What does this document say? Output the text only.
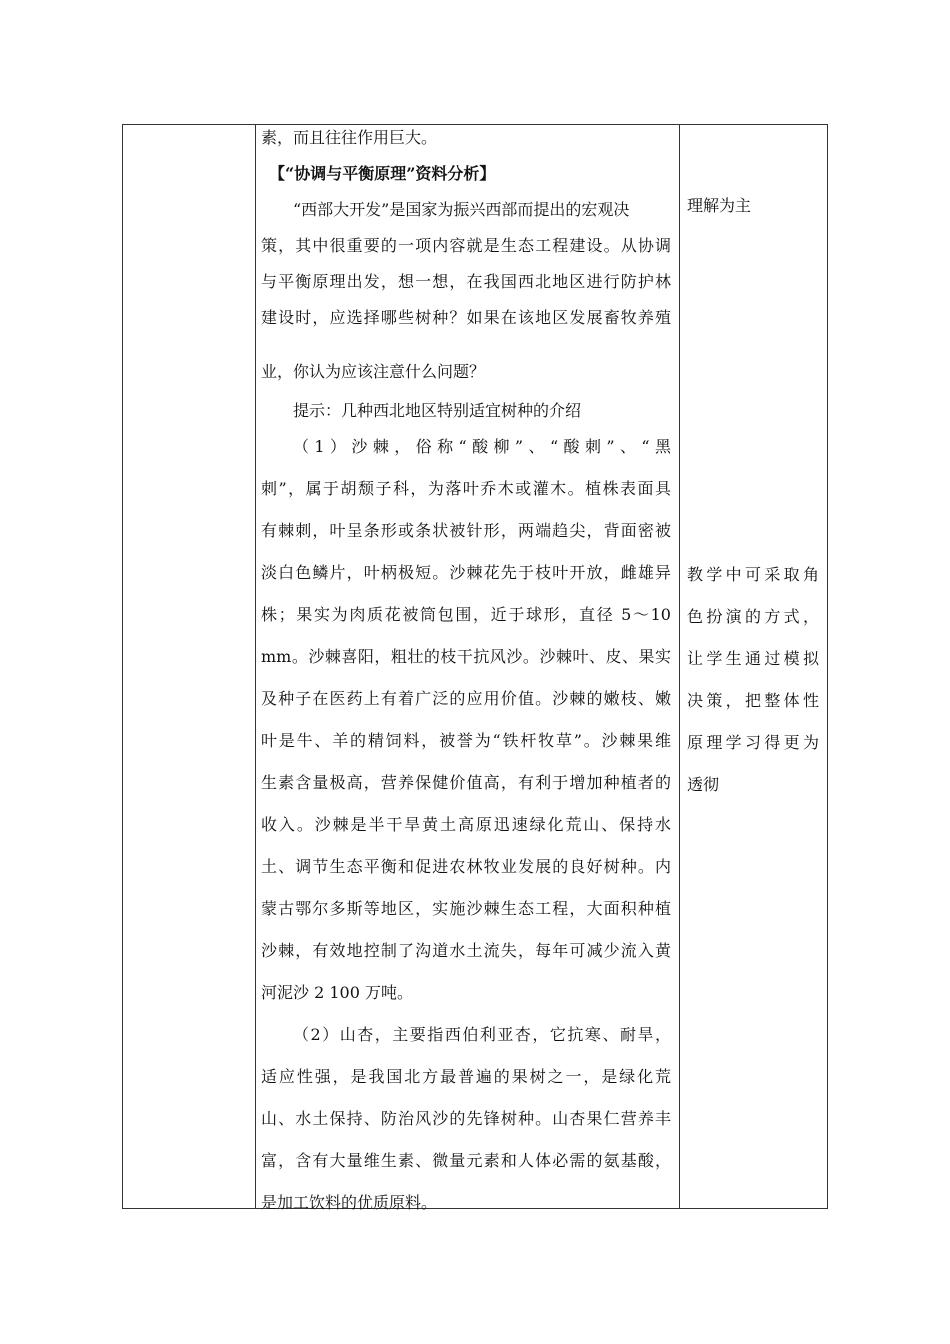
素，而且往往作用巨大。
【“协调与平衡原理”资料分析】
“西部大开发”是国家为振兴西部而提出的宏观决
策，其中很重要的一项内容就是生态工程建设。从协调
与平衡原理出发，想一想，在我国西北地区进行防护林
建设时，应选择哪些树种？如果在该地区发展畜牧养殖
业，你认为应该注意什么问题？
提示：几种西北地区特别适宜树种的介绍
（1）沙棘，俗称“酸柳”、“酸刺”、“黑
刺”，属于胡颓子科，为落叶乔木或灌木。植株表面具
有棘刺，叶呈条形或条状被针形，两端趋尖，背面密被
淡白色鳞片，叶柄极短。沙棘花先于枝叶开放，雌雄异
株；果实为肉质花被筒包围，近于球形，直径 5～10
mm。沙棘喜阳，粗壮的枝干抗风沙。沙棘叶、皮、果实
及种子在医药上有着广泛的应用价值。沙棘的嫩枝、嫩
叶是牛、羊的精饲料，被誉为“铁杆牧草”。沙棘果维
生素含量极高，营养保健价值高，有利于增加种植者的
收入。沙棘是半干旱黄土高原迅速绿化荒山、保持水
土、调节生态平衡和促进农林牧业发展的良好树种。内
蒙古鄂尔多斯等地区，实施沙棘生态工程，大面积种植
沙棘，有效地控制了沟道水土流失，每年可减少流入黄
河泥沙 2 100 万吨。
（2）山杏，主要指西伯利亚杏，它抗寒、耐旱，
适应性强，是我国北方最普遍的果树之一，是绿化荒
山、水土保持、防治风沙的先锋树种。山杏果仁营养丰
富，含有大量维生素、微量元素和人体必需的氨基酸，
是加工饮料的优质原料。
理解为主
教学中可采取角
色扮演的方式，
让学生通过模拟
决策，把整体性
原理学习得更为
透彻
